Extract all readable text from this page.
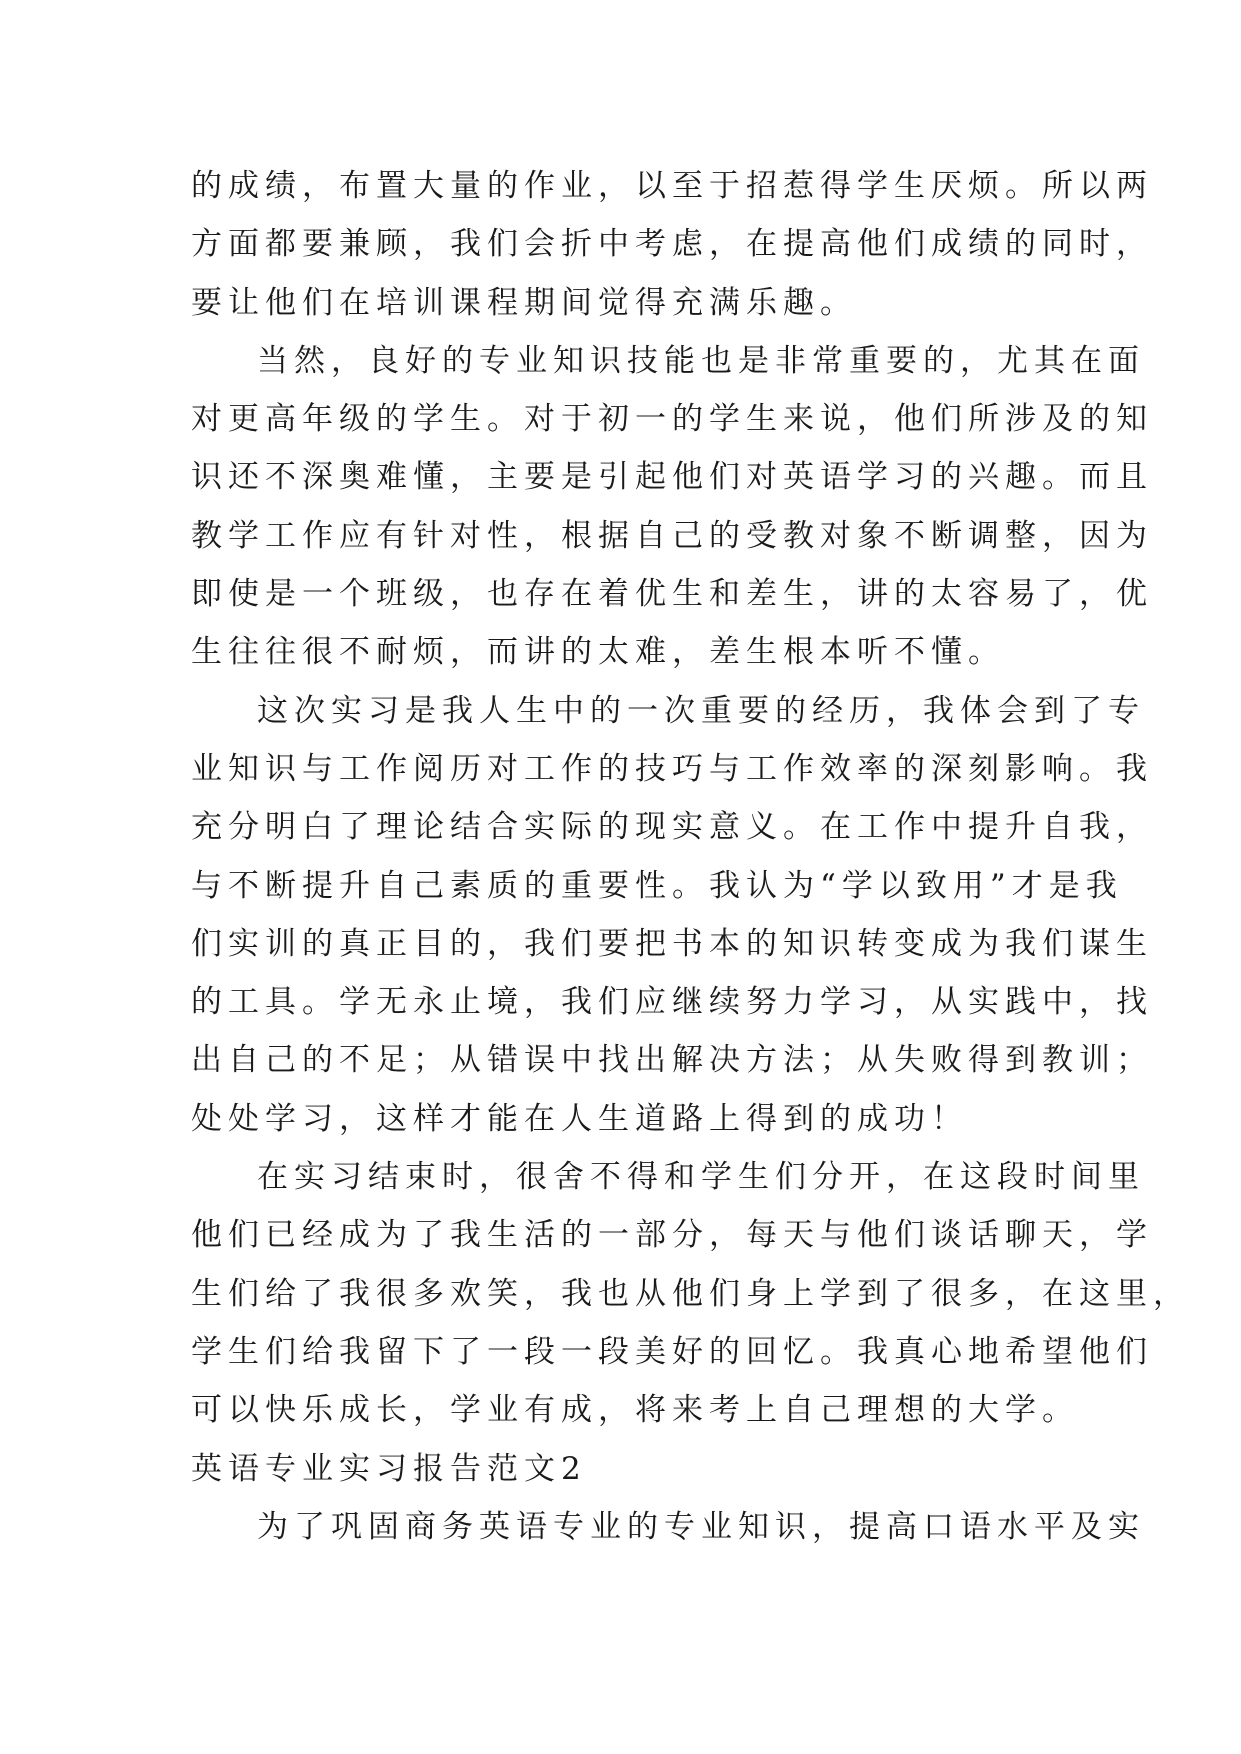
的成绩，布置大量的作业，以至于招惹得学生厌烦。所以两
方面都要兼顾，我们会折中考虑，在提高他们成绩的同时，
要让他们在培训课程期间觉得充满乐趣。
当然，良好的专业知识技能也是非常重要的，尤其在面
对更高年级的学生。对于初一的学生来说，他们所涉及的知
识还不深奥难懂，主要是引起他们对英语学习的兴趣。而且
教学工作应有针对性，根据自己的受教对象不断调整，因为
即使是一个班级，也存在着优生和差生，讲的太容易了，优
生往往很不耐烦，而讲的太难，差生根本听不懂。
这次实习是我人生中的一次重要的经历，我体会到了专
业知识与工作阅历对工作的技巧与工作效率的深刻影响。我
充分明白了理论结合实际的现实意义。在工作中提升自我，
与不断提升自己素质的重要性。我认为“学以致用”才是我
们实训的真正目的，我们要把书本的知识转变成为我们谋生
的工具。学无永止境，我们应继续努力学习，从实践中，找
出自己的不足；从错误中找出解决方法；从失败得到教训；
处处学习，这样才能在人生道路上得到的成功！
在实习结束时，很舍不得和学生们分开，在这段时间里
他们已经成为了我生活的一部分，每天与他们谈话聊天，学
生们给了我很多欢笑，我也从他们身上学到了很多，在这里，
学生们给我留下了一段一段美好的回忆。我真心地希望他们
可以快乐成长，学业有成，将来考上自己理想的大学。
英语专业实习报告范文2
为了巩固商务英语专业的专业知识，提高口语水平及实
